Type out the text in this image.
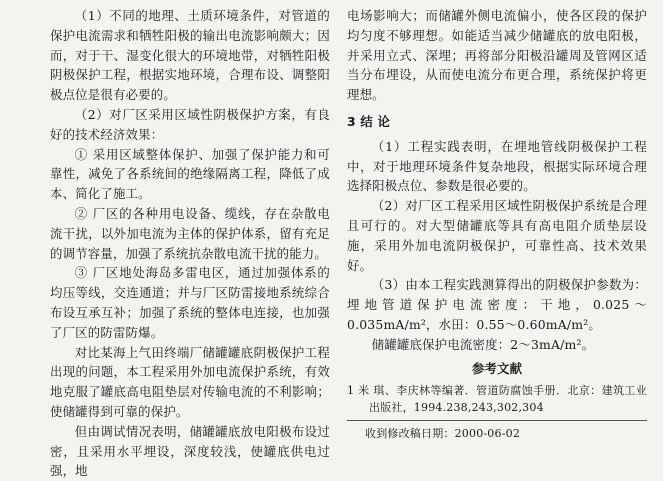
（1）不同的地理、土质环境条件，对管道的保护电流需求和牺牲阳极的输出电流影响颇大；因而，对于干、湿变化很大的环境地带，对牺牲阳极阴极保护工程，根据实地环境，合理布设、调整阳极点位是很有必要的。

（2）对厂区采用区域性阴极保护方案，有良好的技术经济效果：

① 采用区域整体保护、加强了保护能力和可靠性，减免了各系统间的绝缘隔离工程，降低了成本、简化了施工。

② 厂区的各种用电设备、缆线，存在杂散电流干扰，以外加电流为主体的保护体系，留有充足的调节容量，加强了系统抗杂散电流干扰的能力。

③ 厂区地处海岛多雷电区，通过加强体系的均压等线，交连通道；并与厂区防雷接地系统综合布设互承互补；加强了系统的整体电连接，也加强了厂区的防雷防爆。

对比某海上气田终端厂储罐罐底阴极保护工程出现的问题，本工程采用外加电流保护系统，有效地克服了罐底高电阻垫层对传输电流的不利影响；使储罐得到可靠的保护。

但由调试情况表明，储罐罐底放电阳极布设过密，且采用水平埋设，深度较浅，使罐底供电过强，地

电场影响大；而储罐外侧电流偏小，使各区段的保护均匀度不够理想。如能适当减少储罐底的放电阳极，并采用立式、深埋；再将部分阳极沿罐周及管网区适当分布埋设，从而使电流分布更合理，系统保护将更理想。

3 结 论

（1）工程实践表明，在埋地管线阴极保护工程中，对于地理环境条件复杂地段，根据实际环境合理选择阳极点位、参数是很必要的。

（2）对厂区工程采用区域性阴极保护系统是合理且可行的。对大型储罐底等具有高电阻介质垫层设施，采用外加电流阴极保护，可靠性高、技术效果好。

（3）由本工程实践测算得出的阴极保护参数为：埋地管道保护电流密度：干地，0.025～0.035mA/m²，水田：0.55～0.60mA/m²。

储罐罐底保护电流密度：2～3mA/m²。

参考文献

1 米 琪、李庆林等编著．管道防腐蚀手册．北京：建筑工业出版社，1994.238,243,302,304

收到修改稿日期：2000-06-02
